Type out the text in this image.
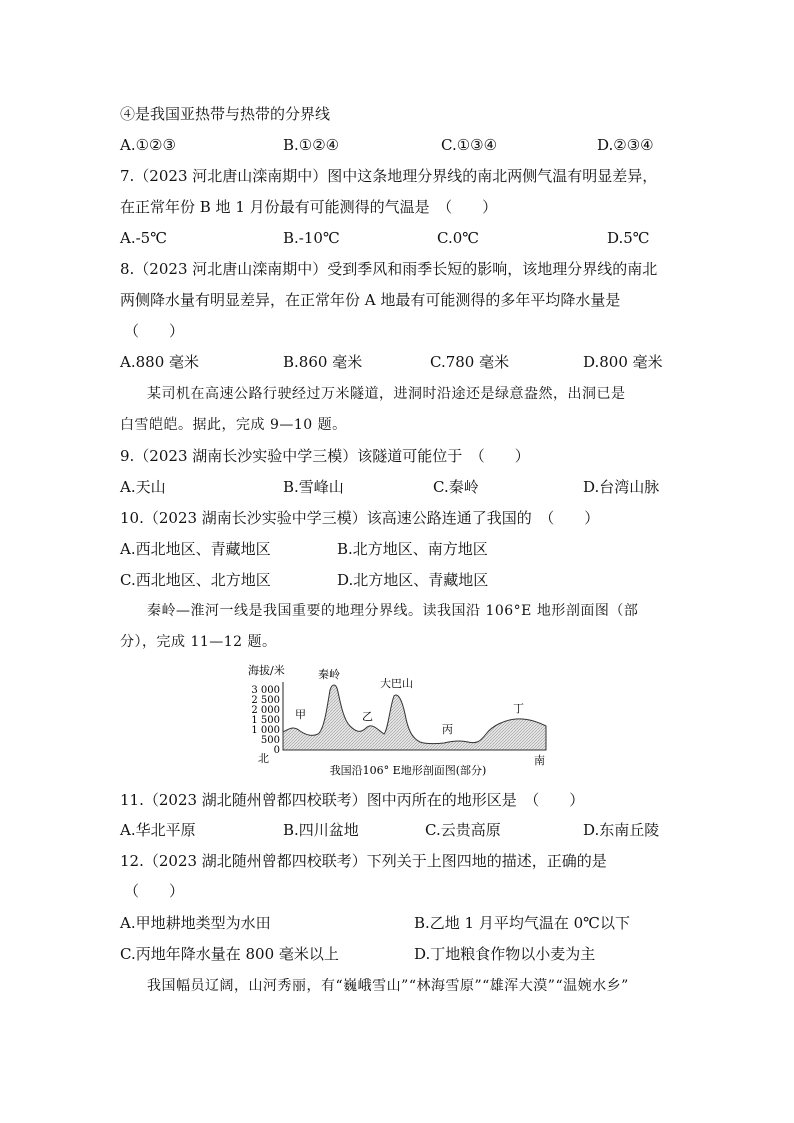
④是我国亚热带与热带的分界线
A.①②③	B.①②④	C.①③④	D.②③④
7.（2023 河北唐山滦南期中）图中这条地理分界线的南北两侧气温有明显差异，
在正常年份 B 地 1 月份最有可能测得的气温是　（　　）
A.-5℃	B.-10℃	C.0℃	D.5℃
8.（2023 河北唐山滦南期中）受到季风和雨季长短的影响，该地理分界线的南北
两侧降水量有明显差异，在正常年份 A 地最有可能测得的多年平均降水量是
（　　）
A.880 毫米	B.860 毫米	C.780 毫米	D.800 毫米
某司机在高速公路行驶经过万米隧道，进洞时沿途还是绿意盎然，出洞已是
白雪皑皑。据此，完成 9—10 题。
9.（2023 湖南长沙实验中学三模）该隧道可能位于　（　　）
A.天山	B.雪峰山	C.秦岭	D.台湾山脉
10.（2023 湖南长沙实验中学三模）该高速公路连通了我国的　（　　）
A.西北地区、青藏地区	B.北方地区、南方地区
C.西北地区、北方地区	D.北方地区、青藏地区
秦岭—淮河一线是我国重要的地理分界线。读我国沿 106°E 地形剖面图（部
分），完成 11—12 题。
海拔/米
3 000
2 500
2 000
1 500
1 000
500
0
秦岭
大巴山
甲	乙
丙
丁
北	南
我国沿106° E地形剖面图(部分)
11.（2023 湖北随州曾都四校联考）图中丙所在的地形区是　（　　）
A.华北平原	B.四川盆地	C.云贵高原	D.东南丘陵
12.（2023 湖北随州曾都四校联考）下列关于上图四地的描述，正确的是
（　　）
A.甲地耕地类型为水田	B.乙地 1 月平均气温在 0℃以下
C.丙地年降水量在 800 毫米以上	D.丁地粮食作物以小麦为主
我国幅员辽阔，山河秀丽，有“巍峨雪山”“林海雪原”“雄浑大漠”“温婉水乡”
